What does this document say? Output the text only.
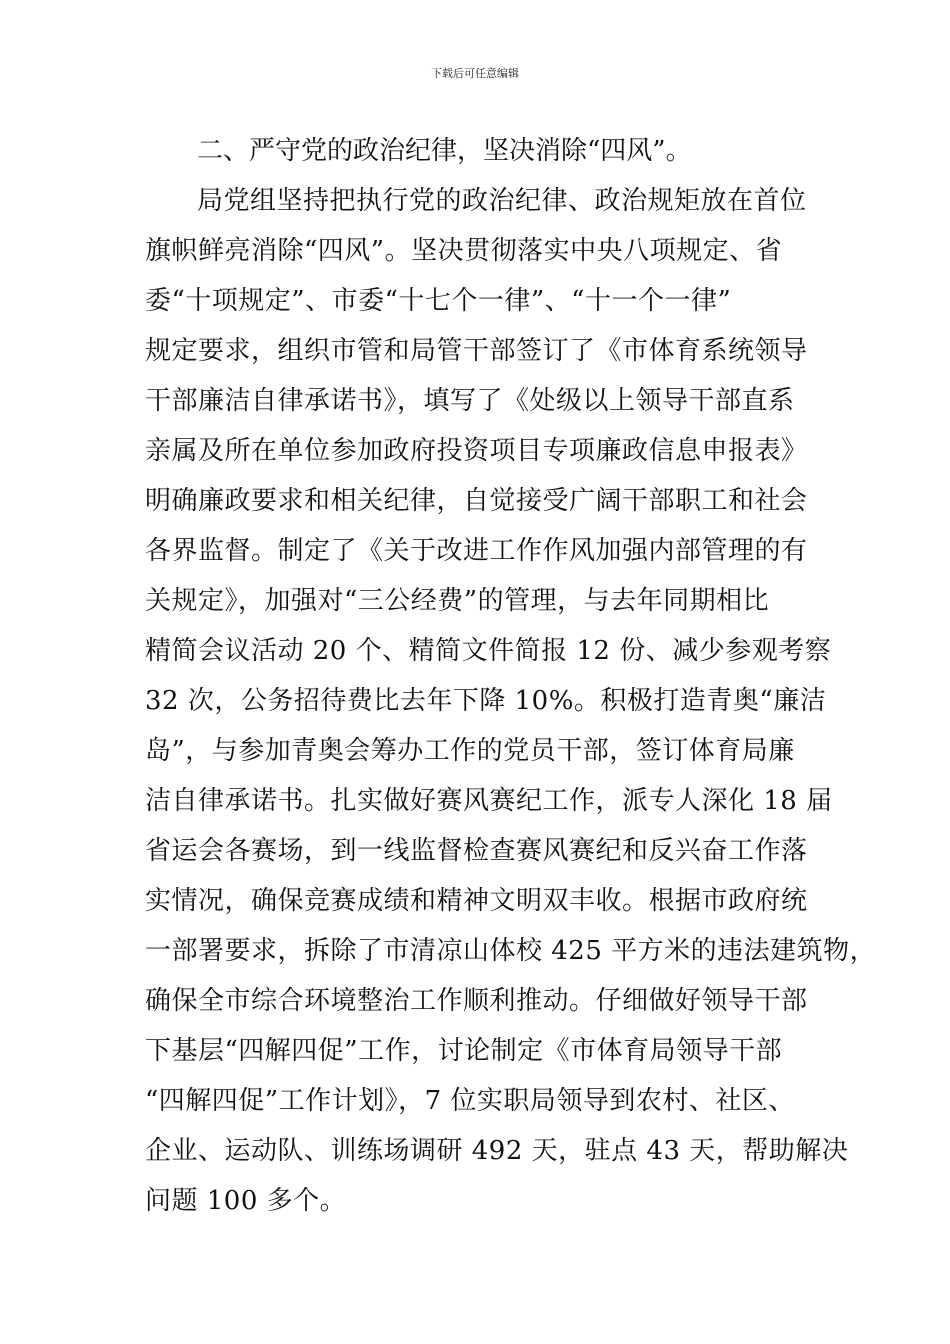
下载后可任意编辑
二、严守党的政治纪律，坚决消除“四风”。
局党组坚持把执行党的政治纪律、政治规矩放在首位
旗帜鲜亮消除“四风”。坚决贯彻落实中央八项规定、省
委“十项规定”、市委“十七个一律”、“十一个一律”
规定要求，组织市管和局管干部签订了《市体育系统领导
干部廉洁自律承诺书》，填写了《处级以上领导干部直系
亲属及所在单位参加政府投资项目专项廉政信息申报表》
明确廉政要求和相关纪律，自觉接受广阔干部职工和社会
各界监督。制定了《关于改进工作作风加强内部管理的有
关规定》，加强对“三公经费”的管理，与去年同期相比
精简会议活动 20 个、精简文件简报 12 份、减少参观考察
32 次，公务招待费比去年下降 10%。积极打造青奥“廉洁
岛”，与参加青奥会筹办工作的党员干部，签订体育局廉
洁自律承诺书。扎实做好赛风赛纪工作，派专人深化 18 届
省运会各赛场，到一线监督检查赛风赛纪和反兴奋工作落
实情况，确保竞赛成绩和精神文明双丰收。根据市政府统
一部署要求，拆除了市清凉山体校 425 平方米的违法建筑物，
确保全市综合环境整治工作顺利推动。仔细做好领导干部
下基层“四解四促”工作，讨论制定《市体育局领导干部
“四解四促”工作计划》，7 位实职局领导到农村、社区、
企业、运动队、训练场调研 492 天，驻点 43 天，帮助解决
问题 100 多个。
